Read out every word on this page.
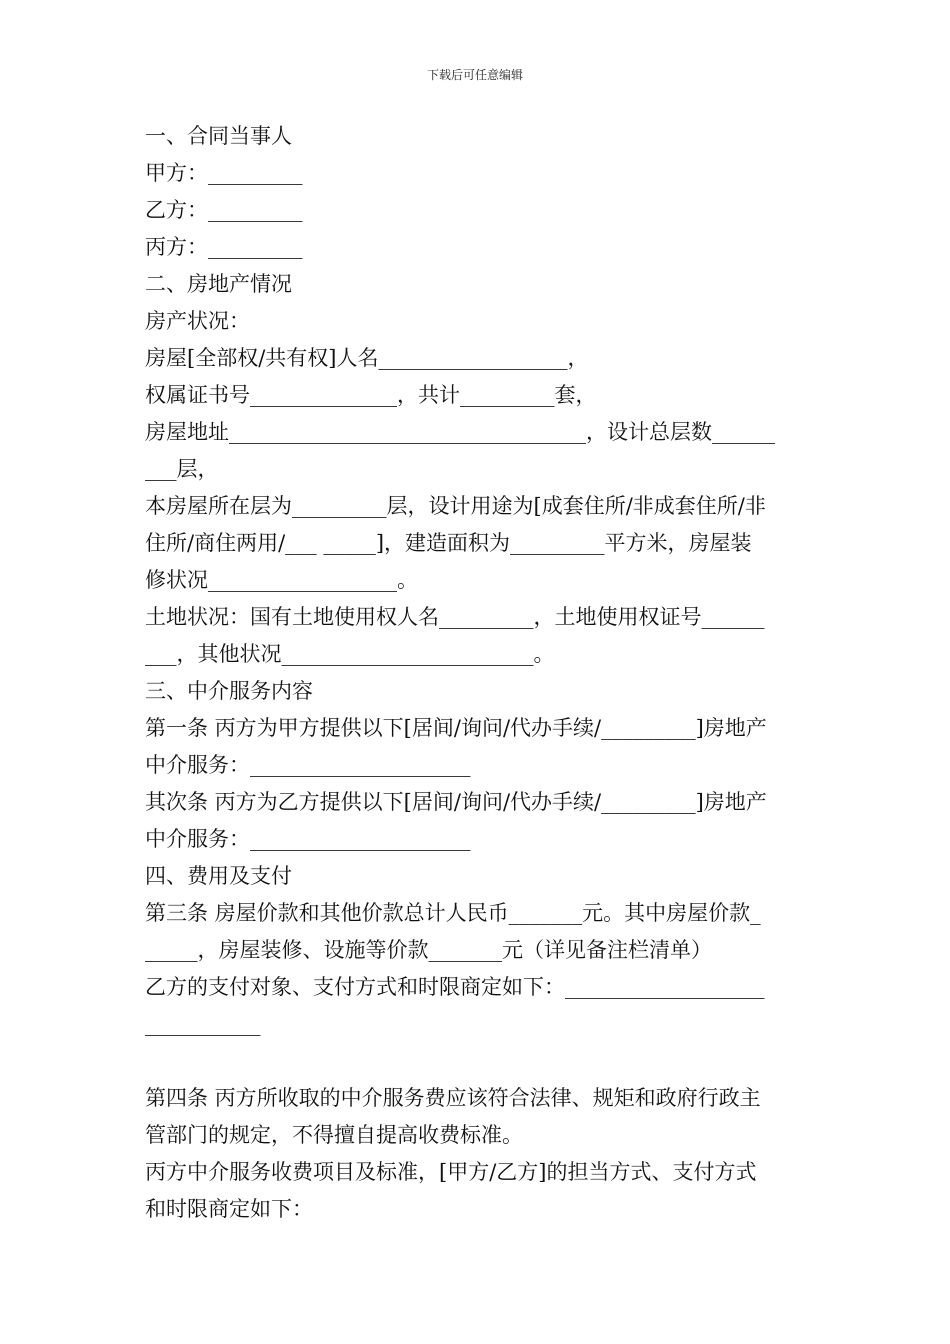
下载后可任意编辑
一、合同当事人
甲方：_________
乙方：_________
丙方：_________
二、房地产情况
房产状况：
房屋[全部权/共有权]人名__________________，
权属证书号______________，共计_________套，
房屋地址__________________________________，设计总层数______
___层，
本房屋所在层为_________层，设计用途为[成套住所/非成套住所/非
住所/商住两用/___ _____]，建造面积为_________平方米，房屋装
修状况__________________。
土地状况：国有土地使用权人名_________，土地使用权证号______
___，其他状况________________________。
三、中介服务内容
第一条 丙方为甲方提供以下[居间/询问/代办手续/_________]房地产
中介服务：_____________________
其次条 丙方为乙方提供以下[居间/询问/代办手续/_________]房地产
中介服务：_____________________
四、费用及支付
第三条 房屋价款和其他价款总计人民币_______元。其中房屋价款_
_____，房屋装修、设施等价款_______元（详见备注栏清单）
乙方的支付对象、支付方式和时限商定如下：___________________
___________
第四条 丙方所收取的中介服务费应该符合法律、规矩和政府行政主
管部门的规定，不得擅自提高收费标准。
丙方中介服务收费项目及标准，[甲方/乙方]的担当方式、支付方式
和时限商定如下：
